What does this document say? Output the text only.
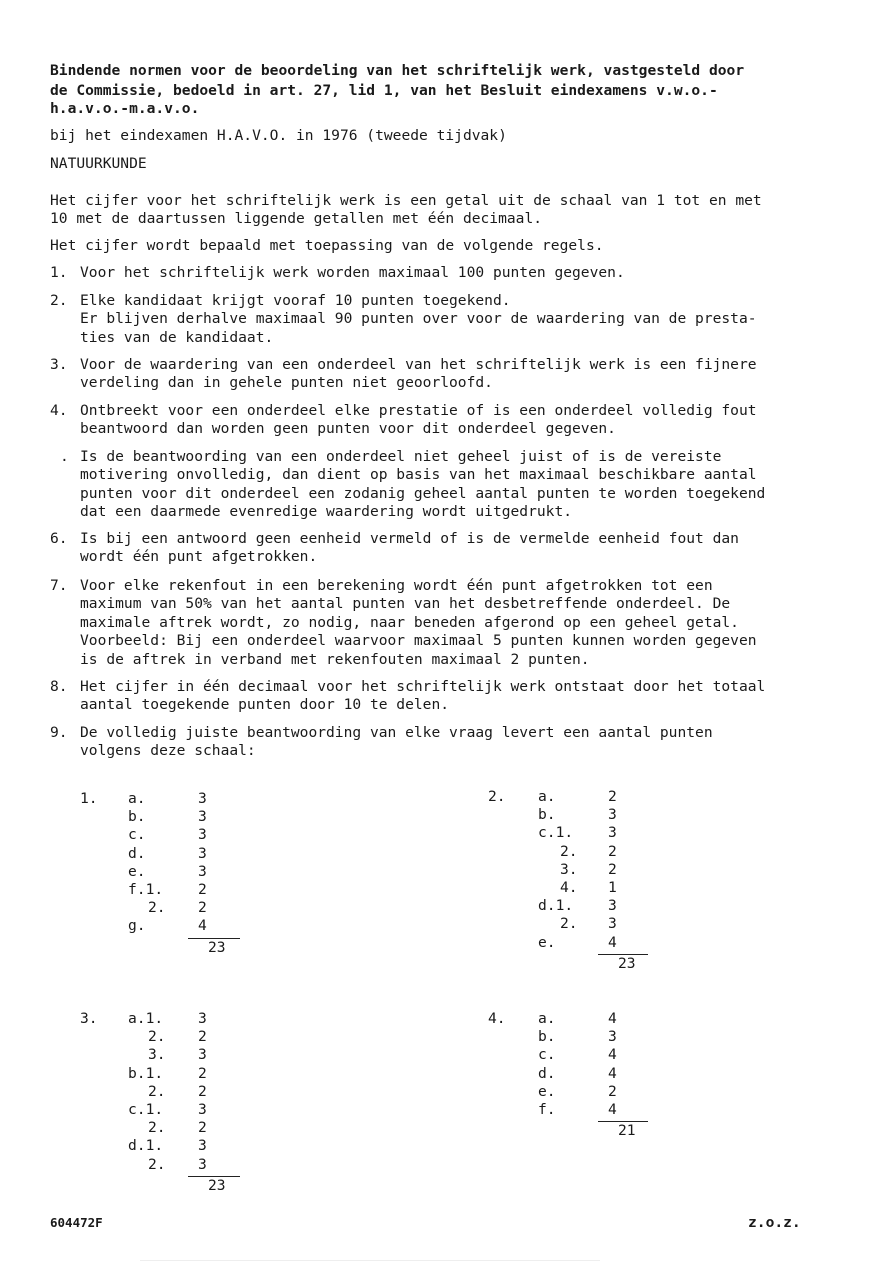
Bindende normen voor de beoordeling van het schriftelijk werk, vastgesteld door
de Commissie, bedoeld in art. 27, lid 1, van het Besluit eindexamens v.w.o.-
h.a.v.o.-m.a.v.o.
bij het eindexamen H.A.V.O. in 1976 (tweede tijdvak)
NATUURKUNDE
Het cijfer voor het schriftelijk werk is een getal uit de schaal van 1 tot en met
10 met de daartussen liggende getallen met één decimaal.
Het cijfer wordt bepaald met toepassing van de volgende regels.
1. Voor het schriftelijk werk worden maximaal 100 punten gegeven.
2. Elke kandidaat krijgt vooraf 10 punten toegekend.
Er blijven derhalve maximaal 90 punten over voor de waardering van de presta-
ties van de kandidaat.
3. Voor de waardering van een onderdeel van het schriftelijk werk is een fijnere
verdeling dan in gehele punten niet geoorloofd.
4. Ontbreekt voor een onderdeel elke prestatie of is een onderdeel volledig fout
beantwoord dan worden geen punten voor dit onderdeel gegeven.
. Is de beantwoording van een onderdeel niet geheel juist of is de vereiste
motivering onvolledig, dan dient op basis van het maximaal beschikbare aantal
punten voor dit onderdeel een zodanig geheel aantal punten te worden toegekend
dat een daarmede evenredige waardering wordt uitgedrukt.
6. Is bij een antwoord geen eenheid vermeld of is de vermelde eenheid fout dan
wordt één punt afgetrokken.
7. Voor elke rekenfout in een berekening wordt één punt afgetrokken tot een
maximum van 50% van het aantal punten van het desbetreffende onderdeel. De
maximale aftrek wordt, zo nodig, naar beneden afgerond op een geheel getal.
Voorbeeld: Bij een onderdeel waarvoor maximaal 5 punten kunnen worden gegeven
is de aftrek in verband met rekenfouten maximaal 2 punten.
8. Het cijfer in één decimaal voor het schriftelijk werk ontstaat door het totaal
aantal toegekende punten door 10 te delen.
9. De volledig juiste beantwoording van elke vraag levert een aantal punten
volgens deze schaal:
1. a.	3
b.	3
c.	3
d.	3
e.	3
f.1. 2
2. 2
g.	4
23
2. a.	2
b.	3
c.1. 3
2. 2
3. 2
4. 1
d.1. 3
2. 3
e.	4
23
3. a.1. 3
2. 2
3. 3
b.1. 2
2. 2
c.1. 3
2. 2
d.1. 3
2. 3
23
4. a.	4
b.	3
c.	4
d.	4
e.	2
f.	4
21
604472F	z.o.z.
